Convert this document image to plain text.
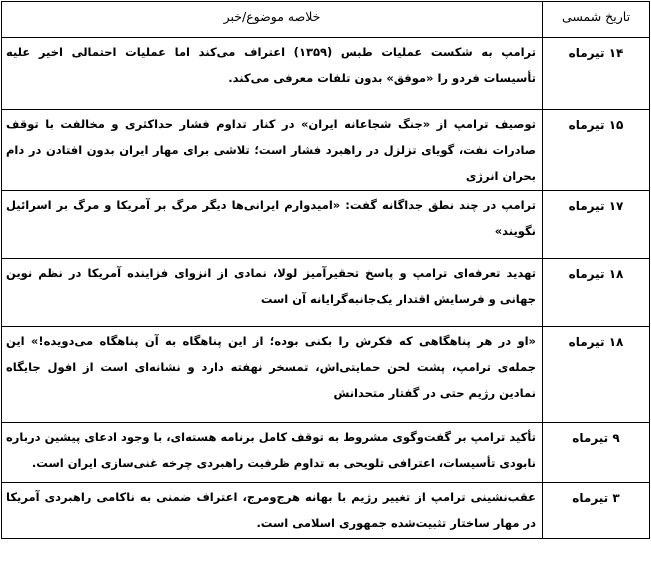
تاریخ شمسی	خلاصه موضوع/خبر
۱۴ تیرماه	ترامپ به شکست عملیات طبس (۱۳۵۹) اعتراف می‌کند اما عملیات احتمالی اخیر علیه تأسیسات فردو را «موفق» بدون تلفات معرفی می‌کند.
۱۵ تیرماه	توصیف ترامپ از «جنگ شجاعانه ایران» در کنار تداوم فشار حداکثری و مخالفت با توقف صادرات نفت، گویای تزلزل در راهبرد فشار است؛ تلاشی برای مهار ایران بدون افتادن در دام بحران انرژی
۱۷ تیرماه	ترامپ در چند نطق جداگانه گفت: «امیدوارم ایرانی‌ها دیگر مرگ بر آمریکا و مرگ بر اسرائیل نگویند»
۱۸ تیرماه	تهدید تعرفه‌ای ترامپ و پاسخ تحقیرآمیز لولا، نمادی از انزوای فزاینده آمریکا در نظم نوین جهانی و فرسایش اقتدار یک‌جانبه‌گرایانه آن است
۱۸ تیرماه	«او در هر پناهگاهی که فکرش را بکنی بوده؛ از این پناهگاه به آن پناهگاه می‌دویده!» این جمله‌ی ترامپ، پشت لحن حمایتی‌اش، تمسخر نهفته دارد و نشانه‌ای است از افول جایگاه نمادین رژیم حتی در گفتار متحدانش
۹ تیرماه	تأکید ترامپ بر گفت‌وگوی مشروط به توقف کامل برنامه هسته‌ای، با وجود ادعای پیشین درباره نابودی تأسیسات، اعترافی تلویحی به تداوم ظرفیت راهبردی چرخه غنی‌سازی ایران است.
۳ تیرماه	عقب‌نشینی ترامپ از تغییر رژیم با بهانه هرج‌ومرج، اعتراف ضمنی به ناکامی راهبردی آمریکا در مهار ساختار تثبیت‌شده جمهوری اسلامی است.
